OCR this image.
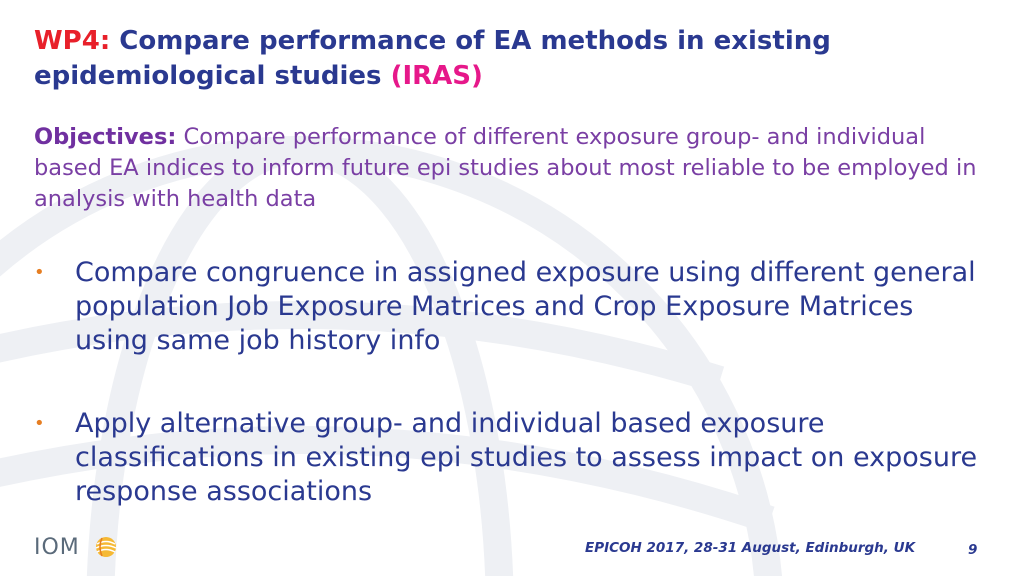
WP4: Compare performance of EA methods in existing epidemiological studies (IRAS)
Objectives: Compare performance of different exposure group- and individual based EA indices to inform future epi studies about most reliable to be employed in analysis with health data
• Compare congruence in assigned exposure using different general population Job Exposure Matrices and Crop Exposure Matrices using same job history info
• Apply alternative group- and individual based exposure classifications in existing epi studies to assess impact on exposure response associations
IOM	EPICOH 2017, 28-31 August, Edinburgh, UK	9
